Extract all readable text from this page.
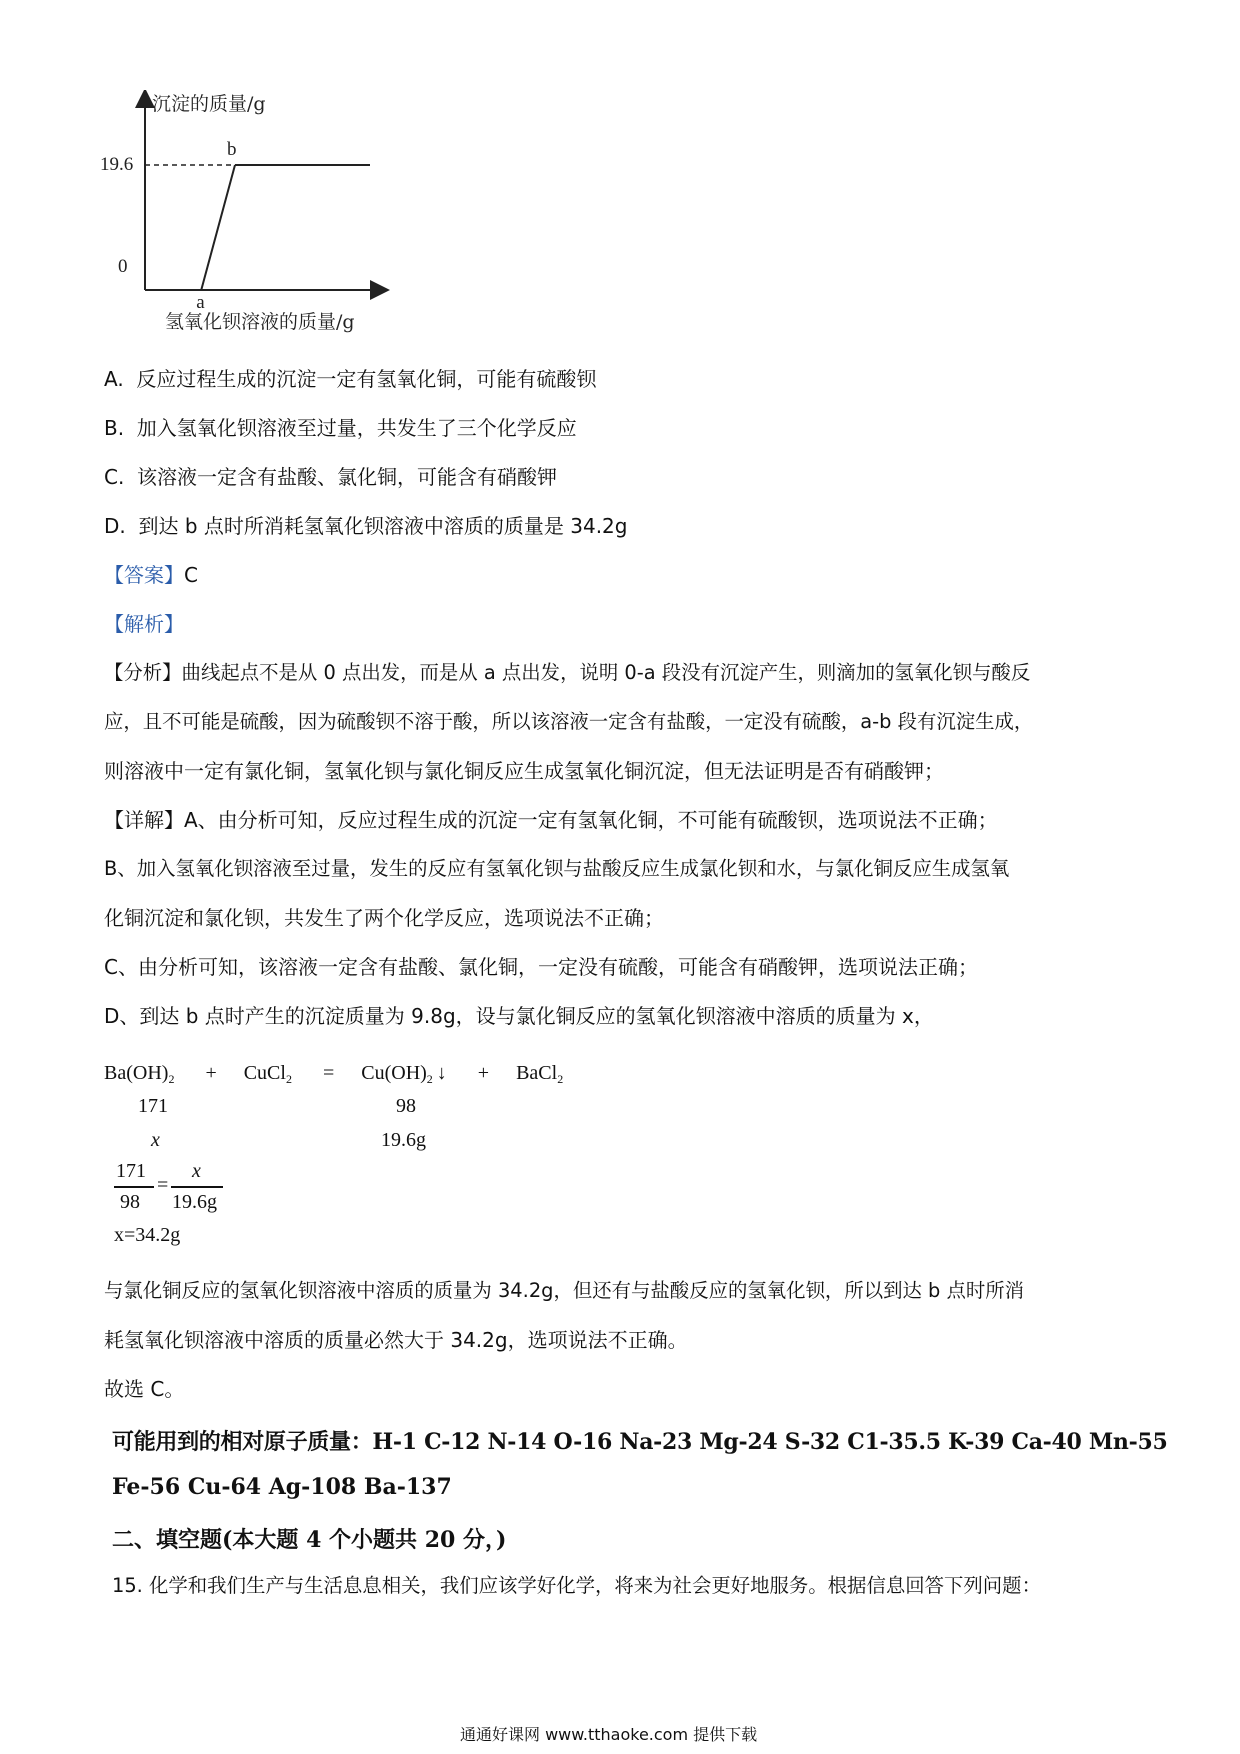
沉淀的质量/g
19.6
0
a
b
氢氧化钡溶液的质量/g
A. 反应过程生成的沉淀一定有氢氧化铜，可能有硫酸钡
B. 加入氢氧化钡溶液至过量，共发生了三个化学反应
C. 该溶液一定含有盐酸、氯化铜，可能含有硝酸钾
D. 到达 b 点时所消耗氢氧化钡溶液中溶质的质量是 34.2g
【答案】C
【解析】
【分析】曲线起点不是从 0 点出发，而是从 a 点出发，说明 0-a 段没有沉淀产生，则滴加的氢氧化钡与酸反
应，且不可能是硫酸，因为硫酸钡不溶于酸，所以该溶液一定含有盐酸，一定没有硫酸，a-b 段有沉淀生成，
则溶液中一定有氯化铜，氢氧化钡与氯化铜反应生成氢氧化铜沉淀，但无法证明是否有硝酸钾；
【详解】A、由分析可知，反应过程生成的沉淀一定有氢氧化铜，不可能有硫酸钡，选项说法不正确；
B、加入氢氧化钡溶液至过量，发生的反应有氢氧化钡与盐酸反应生成氯化钡和水，与氯化铜反应生成氢氧
化铜沉淀和氯化钡，共发生了两个化学反应，选项说法不正确；
C、由分析可知，该溶液一定含有盐酸、氯化铜，一定没有硫酸，可能含有硝酸钾，选项说法正确；
D、到达 b 点时产生的沉淀质量为 9.8g，设与氯化铜反应的氢氧化钡溶液中溶质的质量为 x，
$Ba(OH)_2$ + CuCl$_2$ = $Cu(OH)_2$ ↓ + BaCl$_2$
171	98
x	19.6g
171
98
=
x
19.6g
x=34.2g
与氯化铜反应的氢氧化钡溶液中溶质的质量为 34.2g，但还有与盐酸反应的氢氧化钡，所以到达 b 点时所消
耗氢氧化钡溶液中溶质的质量必然大于 34.2g，选项说法不正确。
故选 C。
可能用到的相对原子质量：H-1 C-12 N-14 O-16 Na-23 Mg-24 S-32 C1-35.5 K-39 Ca-40 Mn-55
Fe-56 Cu-64 Ag-108 Ba-137
二、填空题(本大题 4 个小题共 20 分，)
15. 化学和我们生产与生活息息相关，我们应该学好化学，将来为社会更好地服务。根据信息回答下列问题：
通通好课网 www.tthaoke.com 提供下载
